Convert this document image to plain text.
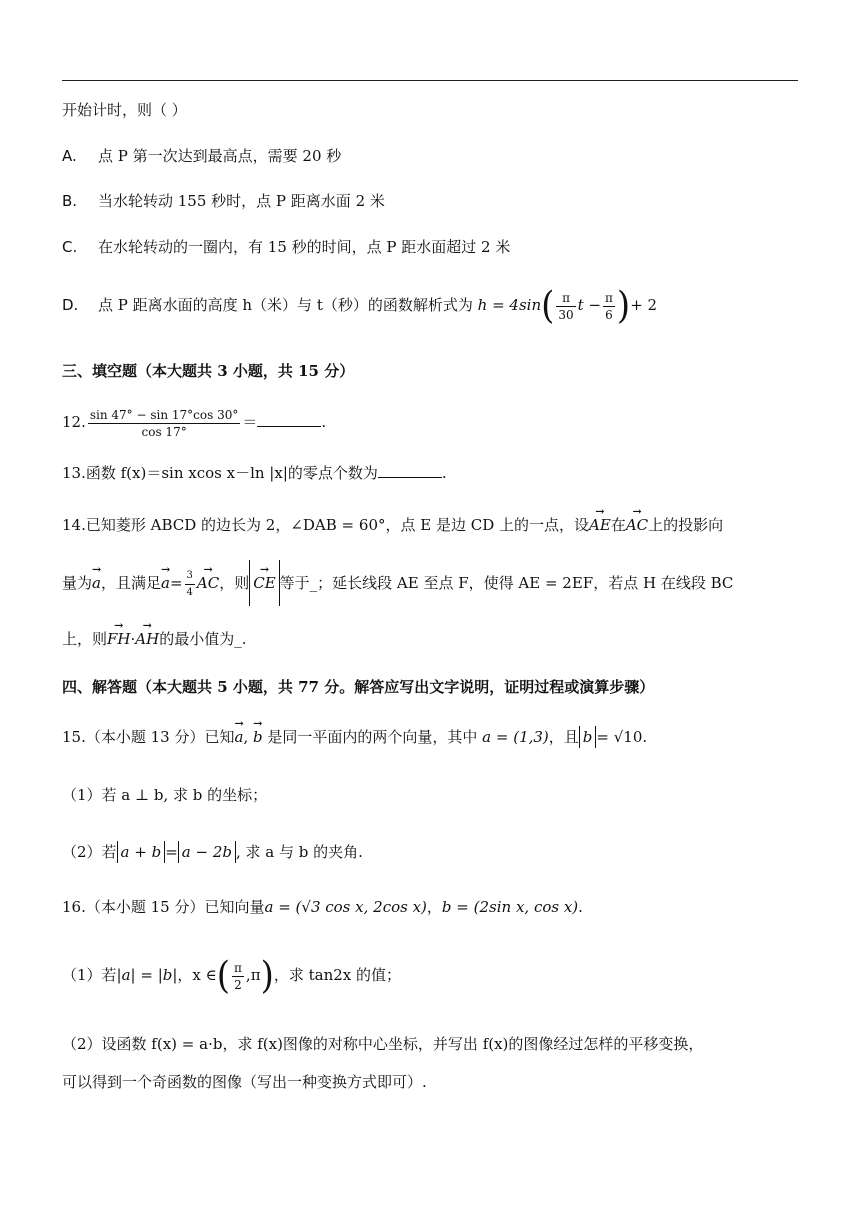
开始计时，则（ ）
A. 点 P 第一次达到最高点，需要 20 秒
B. 当水轮转动 155 秒时，点 P 距离水面 2 米
C. 在水轮转动的一圈内，有 15 秒的时间，点 P 距水面超过 2 米
D. 点 P 距离水面的高度 h（米）与 t（秒）的函数解析式为 $h = 4\sin( \frac{\pi}{30}$ $t - \frac{\pi}{6}$ )+ 2
三、填空题（本大题共 3 小题，共 15 分）
12. $\frac{\sin 47^\circ - \sin 17^\circ\cos 30^\circ}{\cos 17^\circ}$ ＝	.
13.函数 f(x)＝sin xcos x－ln |x|的零点个数为	.
14.已知菱形 ABCD 的边长为 2，∠DAB = 60°，点 E 是边 CD 上的一点，设→ AE在→ AC上的投影向
量为→ a，且满足→ $a= \frac{3}{4}$ → AC，则 → CE 等于_；延长线段 AE 至点 F，使得 AE = 2EF，若点 H 在线段 BC
上，则→ FH·→ AH的最小值为_.
四、解答题（本大题共 5 小题，共 77 分。解答应写出文字说明，证明过程或演算步骤）
15.（本小题 13 分）已知→ a, → b 是同一平面内的两个向量，其中 a = (1,3)，且 b = √10.
（1）若 a ⊥ b, 求 b 的坐标；
（2）若 a + b = a − 2b , 求 a 与 b 的夹角.
16.（本小题 15 分）已知向量a = (√3 cos x, 2cos x)，b = (2sin x, cos x).
（1）若|a| = |b|，x ∈( $\frac{\pi}{2} ,\pi$)，求 tan2x 的值；
（2）设函数 f(x) = a·b，求 f(x)图像的对称中心坐标，并写出 f(x)的图像经过怎样的平移变换，
可以得到一个奇函数的图像（写出一种变换方式即可）.
